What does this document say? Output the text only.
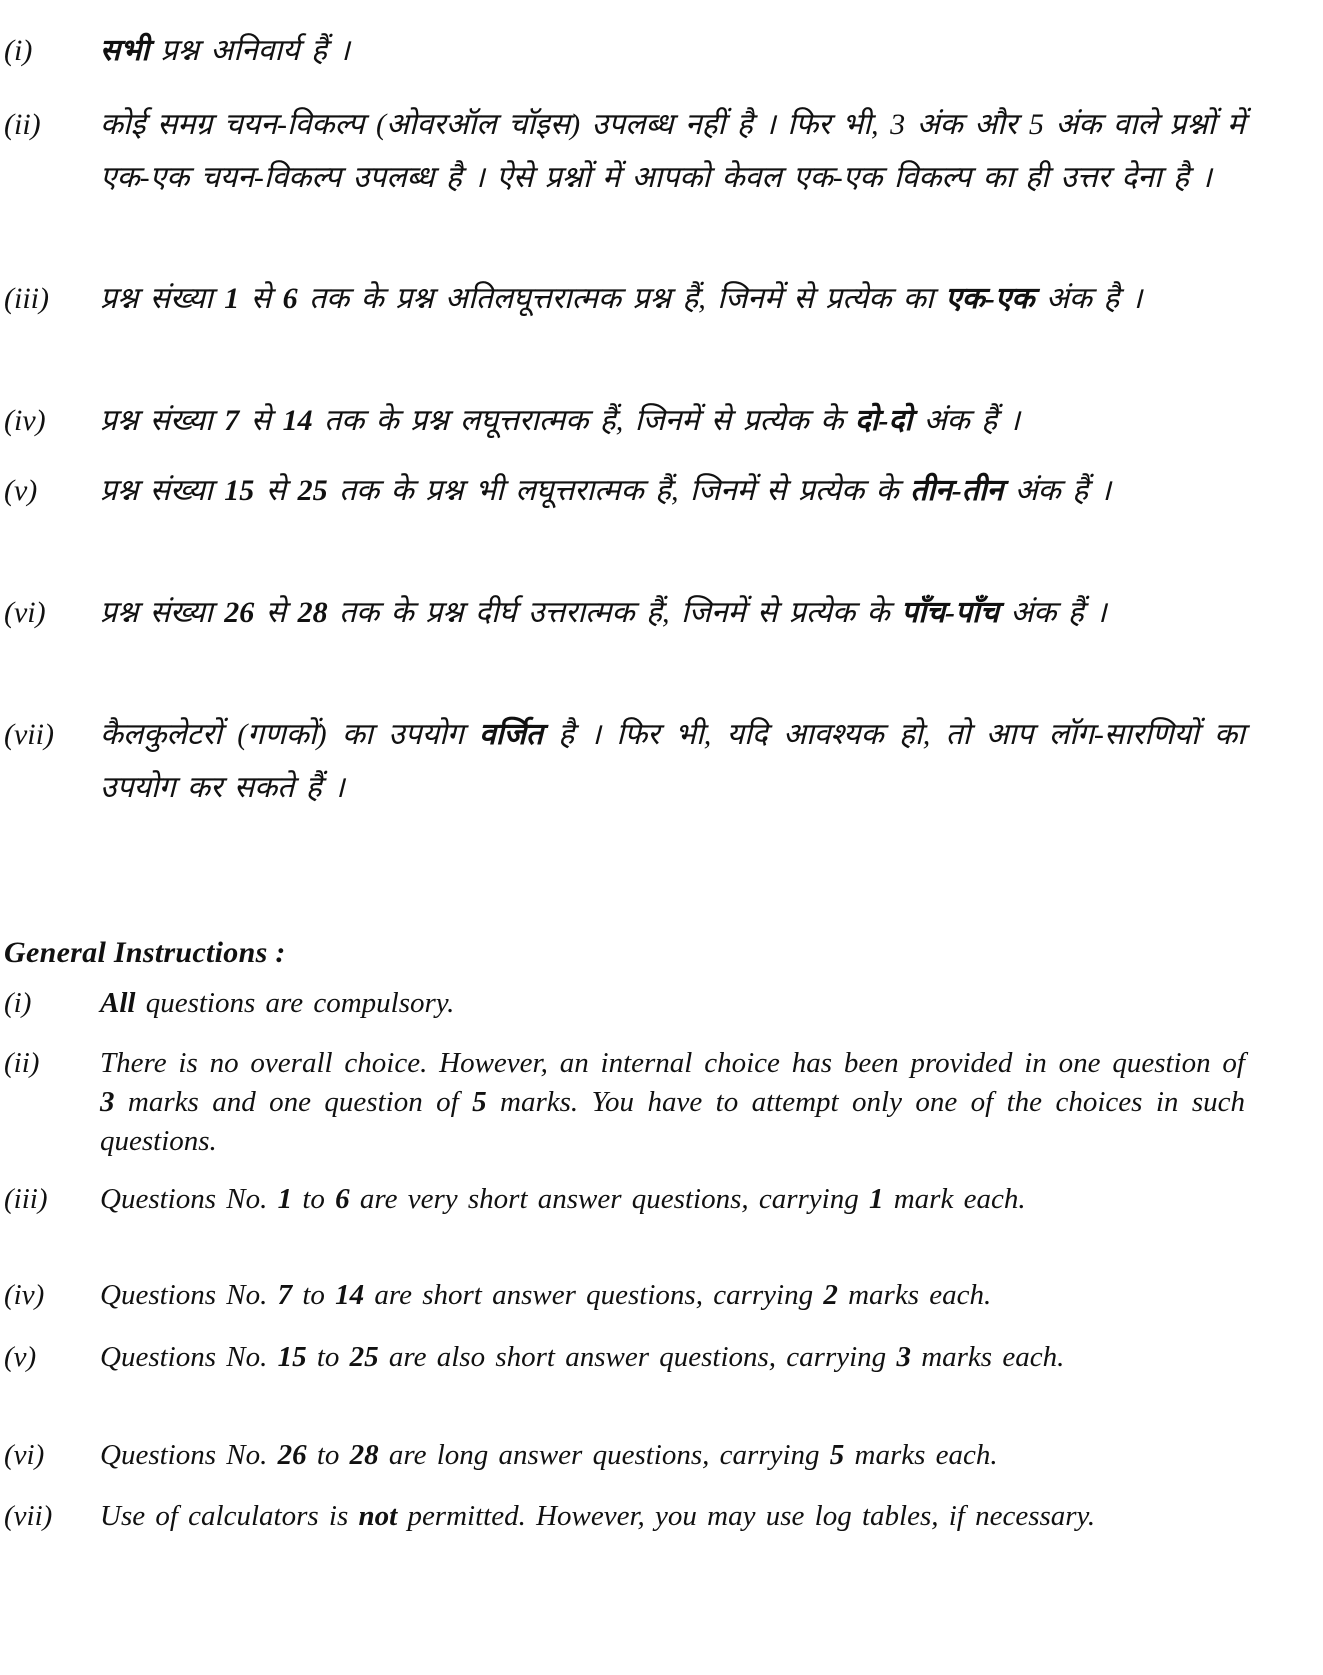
(i)	सभी प्रश्न अनिवार्य हैं ।
(ii)	कोई समग्र चयन-विकल्प (ओवरऑल चॉइस) उपलब्ध नहीं है । फिर भी, 3 अंक और 5 अंक वाले प्रश्नों में एक-एक चयन-विकल्प उपलब्ध है । ऐसे प्रश्नों में आपको केवल एक-एक विकल्प का ही उत्तर देना है ।
(iii)	प्रश्न संख्या 1 से 6 तक के प्रश्न अतिलघूत्तरात्मक प्रश्न हैं, जिनमें से प्रत्येक का एक-एक अंक है ।
(iv)	प्रश्न संख्या 7 से 14 तक के प्रश्न लघूत्तरात्मक हैं, जिनमें से प्रत्येक के दो-दो अंक हैं ।
(v)	प्रश्न संख्या 15 से 25 तक के प्रश्न भी लघूत्तरात्मक हैं, जिनमें से प्रत्येक के तीन-तीन अंक हैं ।
(vi)	प्रश्न संख्या 26 से 28 तक के प्रश्न दीर्घ उत्तरात्मक हैं, जिनमें से प्रत्येक के पाँच-पाँच अंक हैं ।
(vii)	कैलकुलेटरों (गणकों) का उपयोग वर्जित है । फिर भी, यदि आवश्यक हो, तो आप लॉग-सारणियों का उपयोग कर सकते हैं ।
General Instructions :
(i)	All questions are compulsory.
(ii)	There is no overall choice. However, an internal choice has been provided in one question of 3 marks and one question of 5 marks. You have to attempt only one of the choices in such questions.
(iii)	Questions No. 1 to 6 are very short answer questions, carrying 1 mark each.
(iv)	Questions No. 7 to 14 are short answer questions, carrying 2 marks each.
(v)	Questions No. 15 to 25 are also short answer questions, carrying 3 marks each.
(vi)	Questions No. 26 to 28 are long answer questions, carrying 5 marks each.
(vii)	Use of calculators is not permitted. However, you may use log tables, if necessary.
